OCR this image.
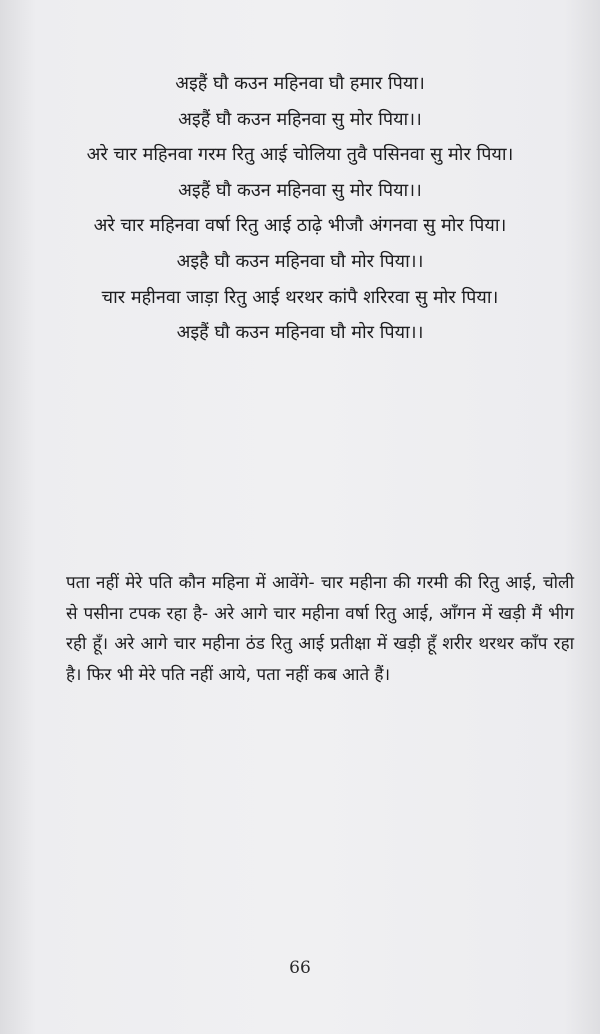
अइहैं घौ कउन महिनवा घौ हमार पिया।
अइहैं घौ कउन महिनवा सु मोर पिया।।
अरे चार महिनवा गरम रितु आई चोलिया तुवै पसिनवा सु मोर पिया।
अइहैं घौ कउन महिनवा सु मोर पिया।।
अरे चार महिनवा वर्षा रितु आई ठाढ़े भीजौ अंगनवा सु मोर पिया।
अइहै घौ कउन महिनवा घौ मोर पिया।।
चार महीनवा जाड़ा रितु आई थरथर कांपै शरिरवा सु मोर पिया।
अइहैं घौ कउन महिनवा घौ मोर पिया।।

पता नहीं मेरे पति कौन महिना में आवेंगे- चार महीना की गरमी की रितु आई, चोली से पसीना टपक रहा है- अरे आगे चार महीना वर्षा रितु आई, आँगन में खड़ी मैं भीग रही हूँ। अरे आगे चार महीना ठंड रितु आई प्रतीक्षा में खड़ी हूँ शरीर थरथर काँप रहा है। फिर भी मेरे पति नहीं आये, पता नहीं कब आते हैं।

66
